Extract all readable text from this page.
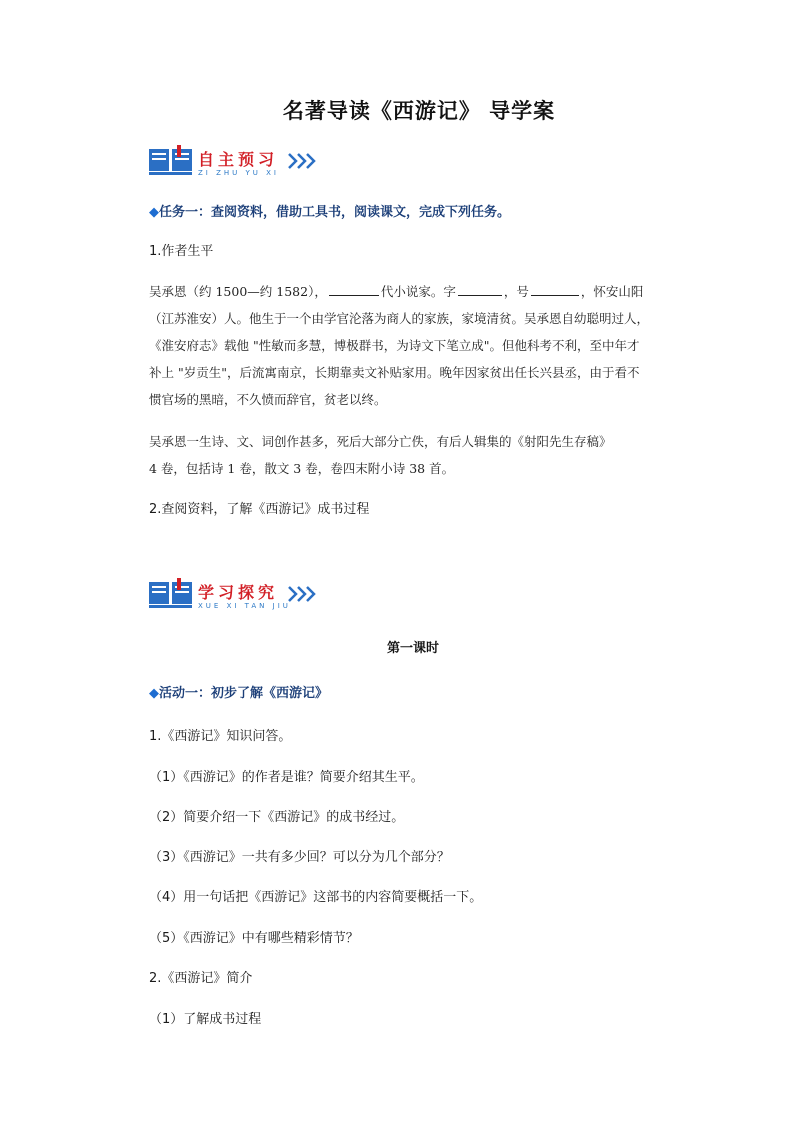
名著导读《西游记》 导学案
自主预习
ZI ZHU YU XI
◆任务一：查阅资料，借助工具书，阅读课文，完成下列任务。
1.作者生平
吴承恩（约 1500—约 1582），	代小说家。字	，号	，怀安山阳
（江苏淮安）人。他生于一个由学官沦落为商人的家族，家境清贫。吴承恩自幼聪明过人，
《淮安府志》载他 "性敏而多慧，博极群书，为诗文下笔立成"。但他科考不利，至中年才
补上 "岁贡生"，后流寓南京，长期靠卖文补贴家用。晚年因家贫出任长兴县丞，由于看不
惯官场的黑暗，不久愤而辞官，贫老以终。
吴承恩一生诗、文、词创作甚多，死后大部分亡佚，有后人辑集的《射阳先生存稿》
4 卷，包括诗 1 卷，散文 3 卷，卷四末附小诗 38 首。
2.查阅资料，了解《西游记》成书过程
学习探究
XUE XI TAN JIU
第一课时
◆活动一：初步了解《西游记》
1.《西游记》知识问答。
（1）《西游记》的作者是谁？简要介绍其生平。
（2）简要介绍一下《西游记》的成书经过。
（3）《西游记》一共有多少回？可以分为几个部分？
（4）用一句话把《西游记》这部书的内容简要概括一下。
（5）《西游记》中有哪些精彩情节？
2.《西游记》简介
（1）了解成书过程
